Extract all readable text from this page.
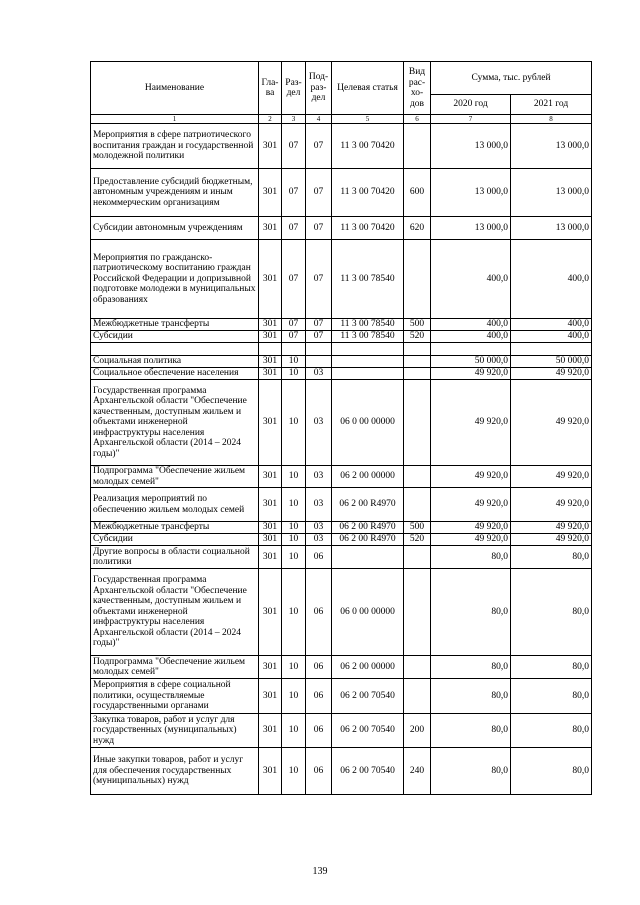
Наименование	Гла-ва	Раз-дел	Под-раз-дел	Целевая статья	Вид рас-хо-дов	Сумма, тыс. рублей	
						2020 год	2021 год
1	2	3	4	5	6	7	8
Мероприятия в сфере патриотического воспитания граждан и государственной молодежной политики	301	07	07	11 3 00 70420		13 000,0	13 000,0
Предоставление субсидий бюджетным, автономным учреждениям и иным некоммерческим организациям	301	07	07	11 3 00 70420	600	13 000,0	13 000,0
Субсидии автономным учреждениям	301	07	07	11 3 00 70420	620	13 000,0	13 000,0
Мероприятия по гражданско-патриотическому воспитанию граждан Российской Федерации и допризывной подготовке молодежи в муниципальных образованиях	301	07	07	11 3 00 78540		400,0	400,0
Межбюджетные трансферты	301	07	07	11 3 00 78540	500	400,0	400,0
Субсидии	301	07	07	11 3 00 78540	520	400,0	400,0

Социальная политика	301	10				50 000,0	50 000,0
Социальное обеспечение населения	301	10	03			49 920,0	49 920,0
Государственная программа Архангельской области "Обеспечение качественным, доступным жильем и объектами инженерной инфраструктуры населения Архангельской области (2014 – 2024 годы)"	301	10	03	06 0 00 00000		49 920,0	49 920,0
Подпрограмма "Обеспечение жильем молодых семей"	301	10	03	06 2 00 00000		49 920,0	49 920,0
Реализация мероприятий по обеспечению жильем молодых семей	301	10	03	06 2 00 R4970		49 920,0	49 920,0
Межбюджетные трансферты	301	10	03	06 2 00 R4970	500	49 920,0	49 920,0
Субсидии	301	10	03	06 2 00 R4970	520	49 920,0	49 920,0
Другие вопросы в области социальной политики	301	10	06			80,0	80,0
Государственная программа Архангельской области "Обеспечение качественным, доступным жильем и объектами инженерной инфраструктуры населения Архангельской области (2014 – 2024 годы)"	301	10	06	06 0 00 00000		80,0	80,0
Подпрограмма "Обеспечение жильем молодых семей"	301	10	06	06 2 00 00000		80,0	80,0
Мероприятия в сфере социальной политики, осуществляемые государственными органами	301	10	06	06 2 00 70540		80,0	80,0
Закупка товаров, работ и услуг для государственных (муниципальных) нужд	301	10	06	06 2 00 70540	200	80,0	80,0
Иные закупки товаров, работ и услуг для обеспечения государственных (муниципальных) нужд	301	10	06	06 2 00 70540	240	80,0	80,0
139
